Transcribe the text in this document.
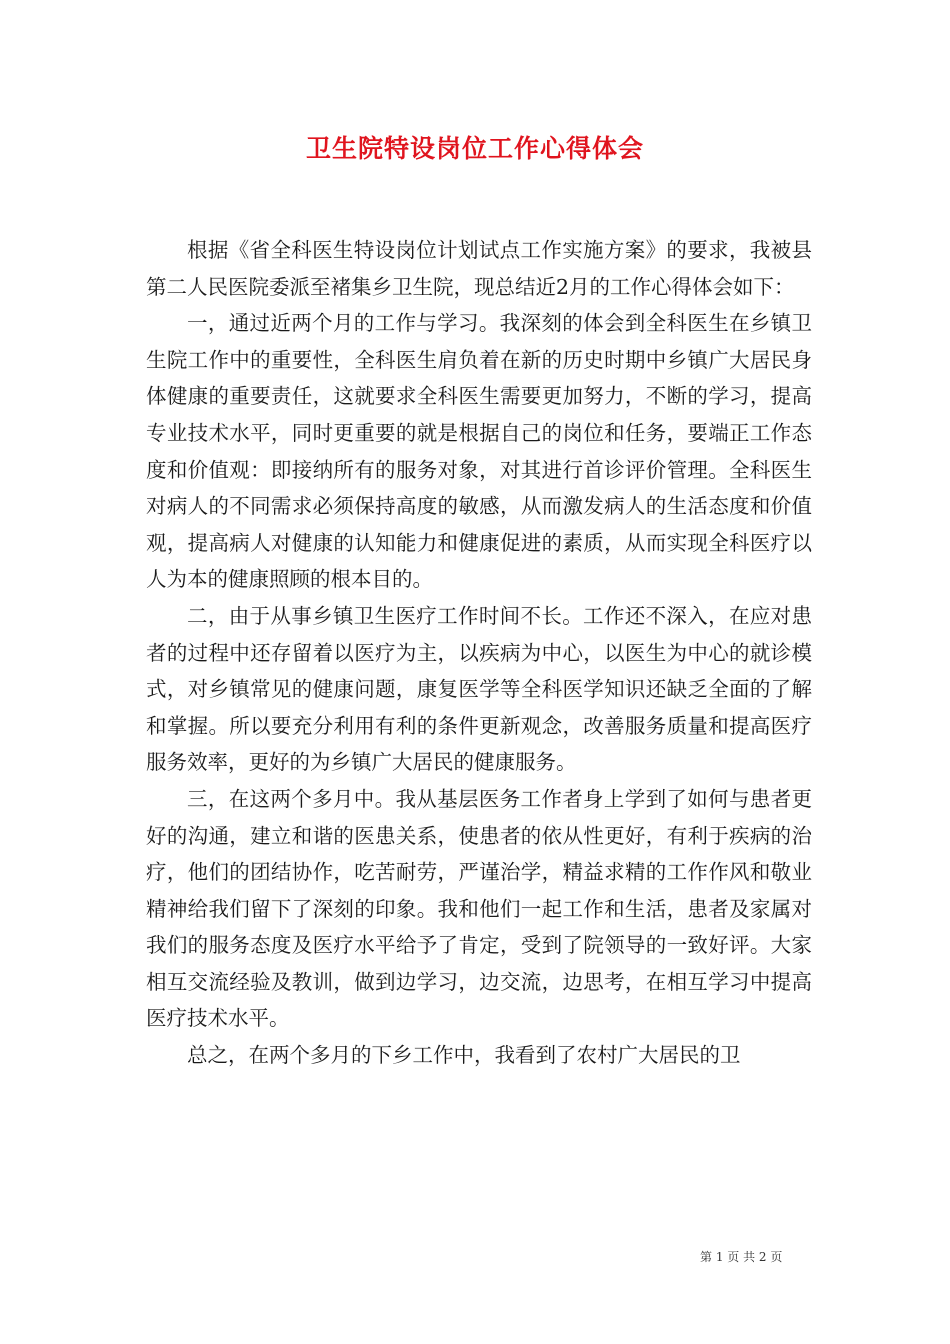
卫生院特设岗位工作心得体会

根据《省全科医生特设岗位计划试点工作实施方案》的要求，我被县第二人民医院委派至褚集乡卫生院，现总结近2月的工作心得体会如下：

一，通过近两个月的工作与学习。我深刻的体会到全科医生在乡镇卫生院工作中的重要性，全科医生肩负着在新的历史时期中乡镇广大居民身体健康的重要责任，这就要求全科医生需要更加努力，不断的学习，提高专业技术水平，同时更重要的就是根据自己的岗位和任务，要端正工作态度和价值观：即接纳所有的服务对象，对其进行首诊评价管理。全科医生对病人的不同需求必须保持高度的敏感，从而激发病人的生活态度和价值观，提高病人对健康的认知能力和健康促进的素质，从而实现全科医疗以人为本的健康照顾的根本目的。

二，由于从事乡镇卫生医疗工作时间不长。工作还不深入，在应对患者的过程中还存留着以医疗为主，以疾病为中心，以医生为中心的就诊模式，对乡镇常见的健康问题，康复医学等全科医学知识还缺乏全面的了解和掌握。所以要充分利用有利的条件更新观念，改善服务质量和提高医疗服务效率，更好的为乡镇广大居民的健康服务。

三，在这两个多月中。我从基层医务工作者身上学到了如何与患者更好的沟通，建立和谐的医患关系，使患者的依从性更好，有利于疾病的治疗，他们的团结协作，吃苦耐劳，严谨治学，精益求精的工作作风和敬业精神给我们留下了深刻的印象。我和他们一起工作和生活，患者及家属对我们的服务态度及医疗水平给予了肯定，受到了院领导的一致好评。大家相互交流经验及教训，做到边学习，边交流，边思考，在相互学习中提高医疗技术水平。

总之，在两个多月的下乡工作中，我看到了农村广大居民的卫

第 1 页 共 2 页
